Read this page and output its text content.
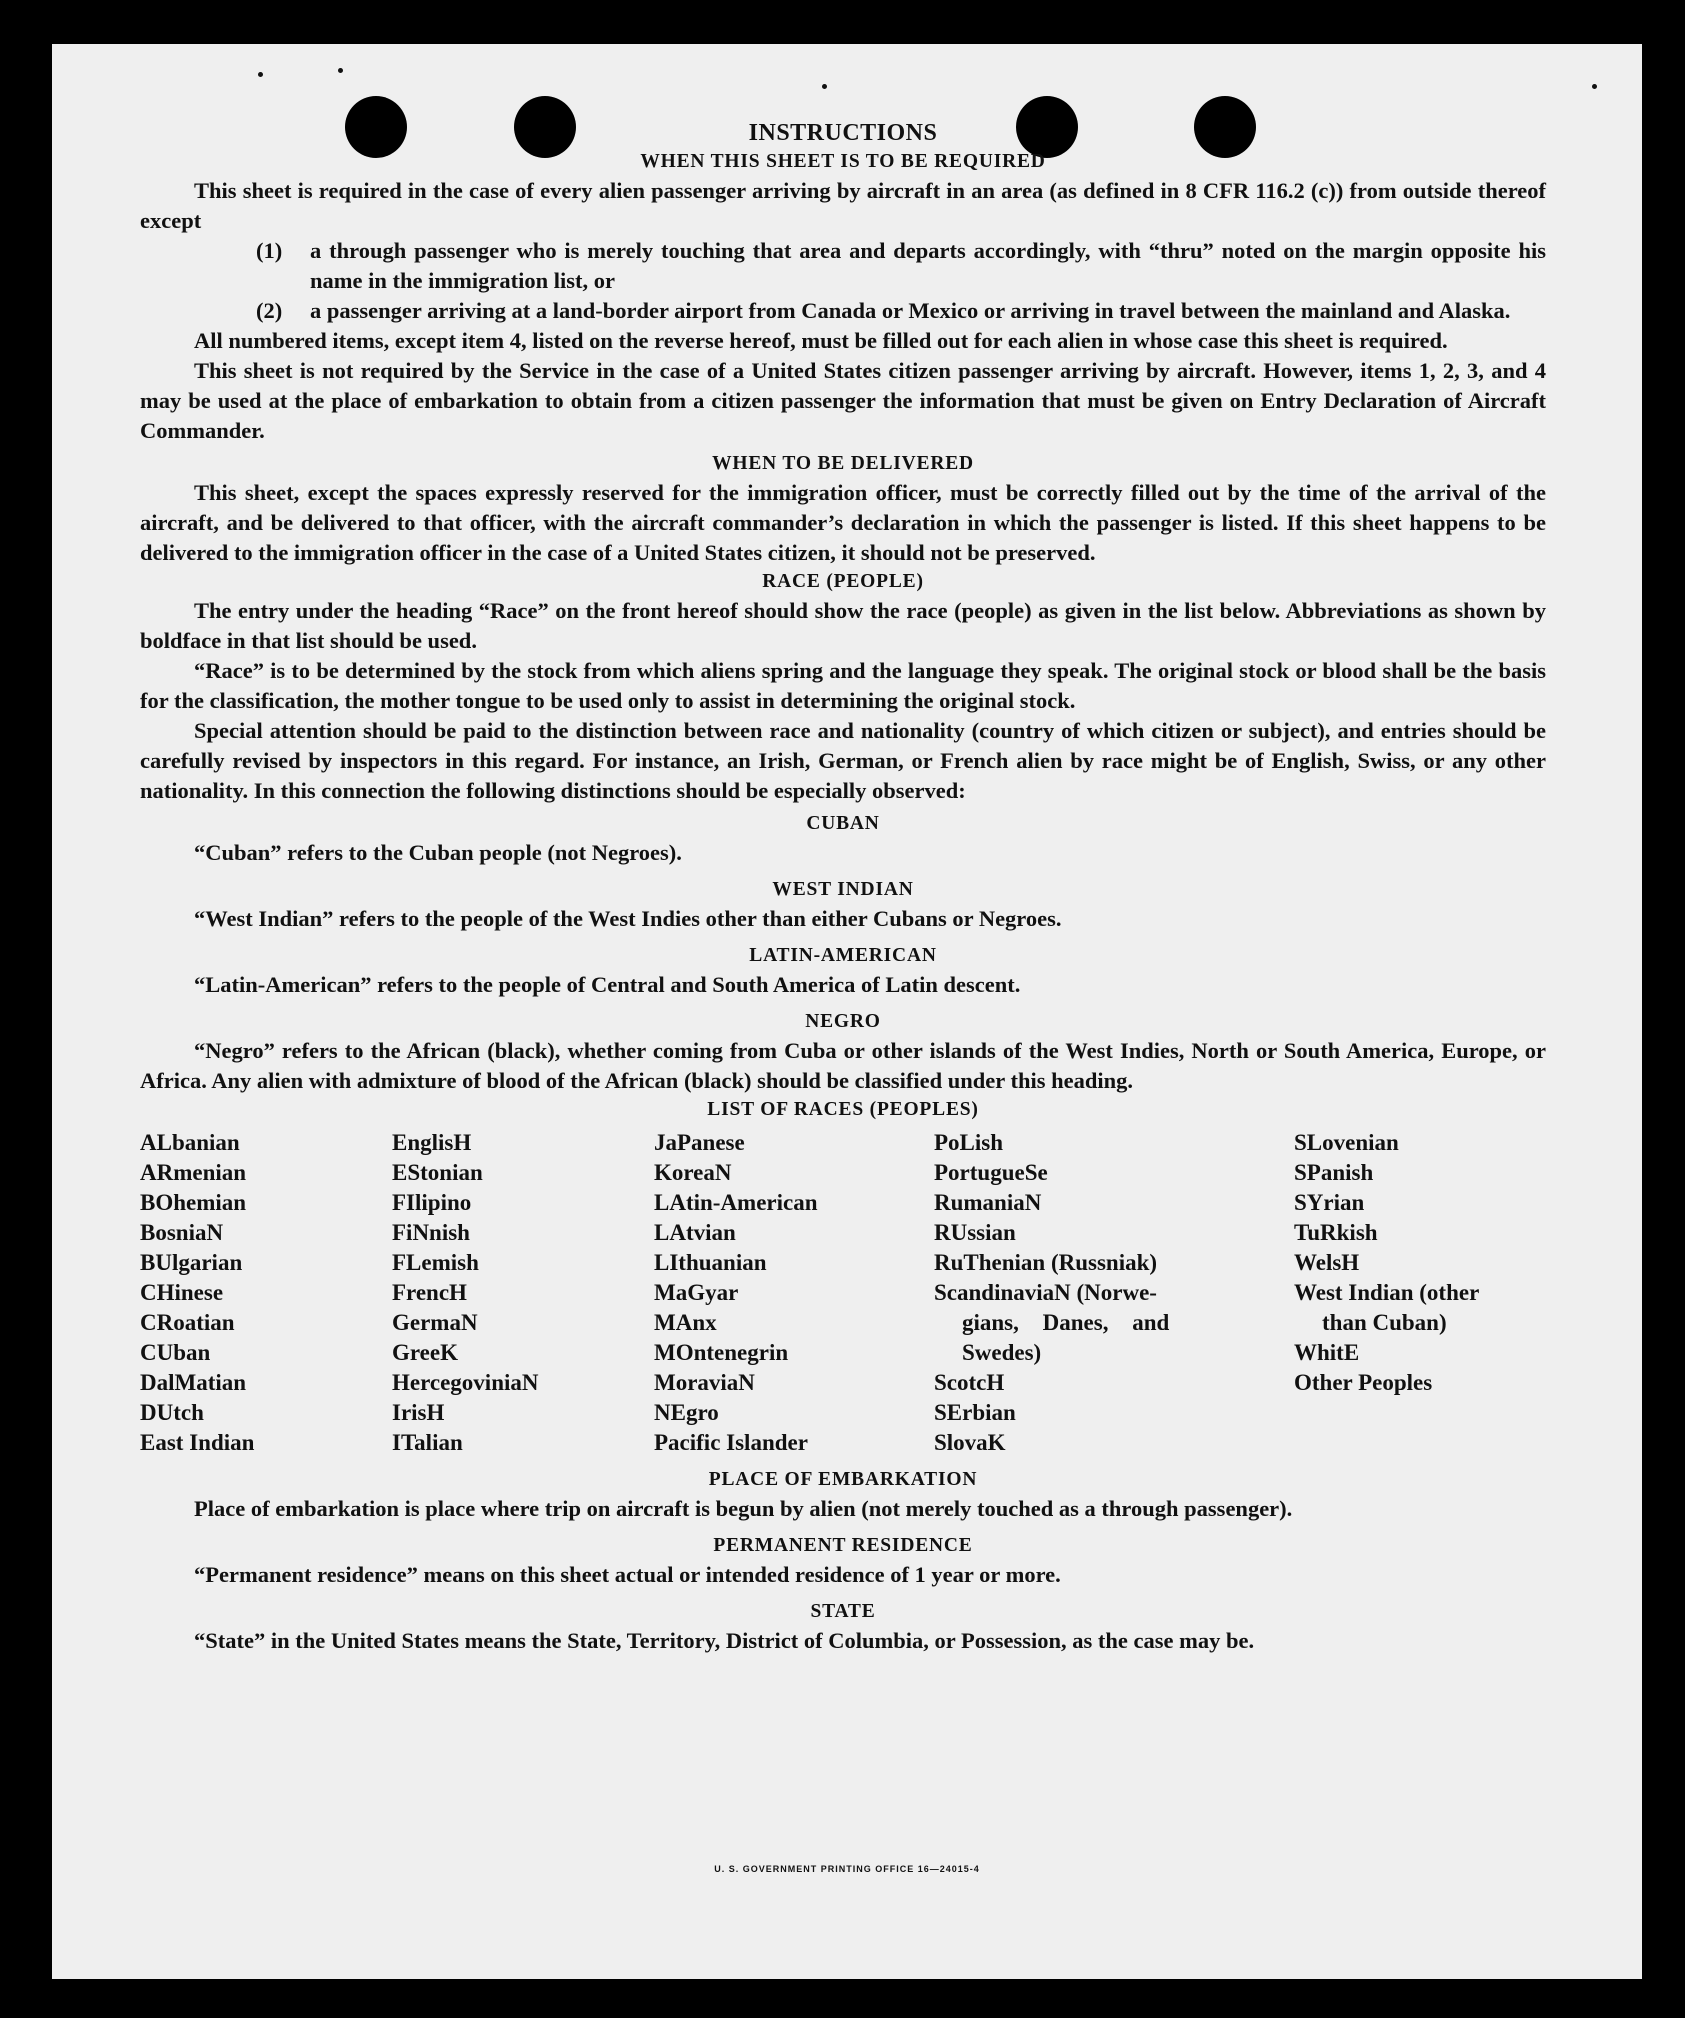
INSTRUCTIONS
WHEN THIS SHEET IS TO BE REQUIRED

This sheet is required in the case of every alien passenger arriving by aircraft in an area (as defined in 8 CFR 116.2 (c)) from outside thereof except

(1)	a through passenger who is merely touching that area and departs accordingly, with “thru” noted on the margin opposite his name in the immigration list, or
(2)	a passenger arriving at a land-border airport from Canada or Mexico or arriving in travel between the mainland and Alaska.

All numbered items, except item 4, listed on the reverse hereof, must be filled out for each alien in whose case this sheet is required.

This sheet is not required by the Service in the case of a United States citizen passenger arriving by aircraft. However, items 1, 2, 3, and 4 may be used at the place of embarkation to obtain from a citizen passenger the information that must be given on Entry Declaration of Aircraft Commander.

WHEN TO BE DELIVERED

This sheet, except the spaces expressly reserved for the immigration officer, must be correctly filled out by the time of the arrival of the aircraft, and be delivered to that officer, with the aircraft commander’s declaration in which the passenger is listed. If this sheet happens to be delivered to the immigration officer in the case of a United States citizen, it should not be preserved.

RACE (PEOPLE)

The entry under the heading “Race” on the front hereof should show the race (people) as given in the list below. Abbreviations as shown by boldface in that list should be used.

“Race” is to be determined by the stock from which aliens spring and the language they speak. The original stock or blood shall be the basis for the classification, the mother tongue to be used only to assist in determining the original stock.

Special attention should be paid to the distinction between race and nationality (country of which citizen or subject), and entries should be carefully revised by inspectors in this regard. For instance, an Irish, German, or French alien by race might be of English, Swiss, or any other nationality. In this connection the following distinctions should be especially observed:

CUBAN

“Cuban” refers to the Cuban people (not Negroes).

WEST INDIAN

“West Indian” refers to the people of the West Indies other than either Cubans or Negroes.

LATIN-AMERICAN

“Latin-American” refers to the people of Central and South America of Latin descent.

NEGRO

“Negro” refers to the African (black), whether coming from Cuba or other islands of the West Indies, North or South America, Europe, or Africa. Any alien with admixture of blood of the African (black) should be classified under this heading.

LIST OF RACES (PEOPLES)
ALbanian
ARmenian
BOhemian
BosniaN
BUlgarian
CHinese
CRoatian
CUban
DalMatian
DUtch
East Indian
EnglisH
EStonian
FIlipino
FiNnish
FLemish
FrencH
GermaN
GreeK
HercegoviniaN
IrisH
ITalian
JaPanese
KoreaN
LAtin-American
LAtvian
LIthuanian
MaGyar
MAnx
MOntenegrin
MoraviaN
NEgro
Pacific Islander
PoLish
PortugueSe
RumaniaN
RUssian
RuThenian (Russniak)
ScandinaviaN (Norwe-
gians, Danes, and
Swedes)
ScotcH
SErbian
SlovaK
SLovenian
SPanish
SYrian
TuRkish
WelsH
West Indian (other
than Cuban)
WhitE
Other Peoples
PLACE OF EMBARKATION

Place of embarkation is place where trip on aircraft is begun by alien (not merely touched as a through passenger).

PERMANENT RESIDENCE

“Permanent residence” means on this sheet actual or intended residence of 1 year or more.

STATE

“State” in the United States means the State, Territory, District of Columbia, or Possession, as the case may be.

U. S. GOVERNMENT PRINTING OFFICE 16—24015-4
